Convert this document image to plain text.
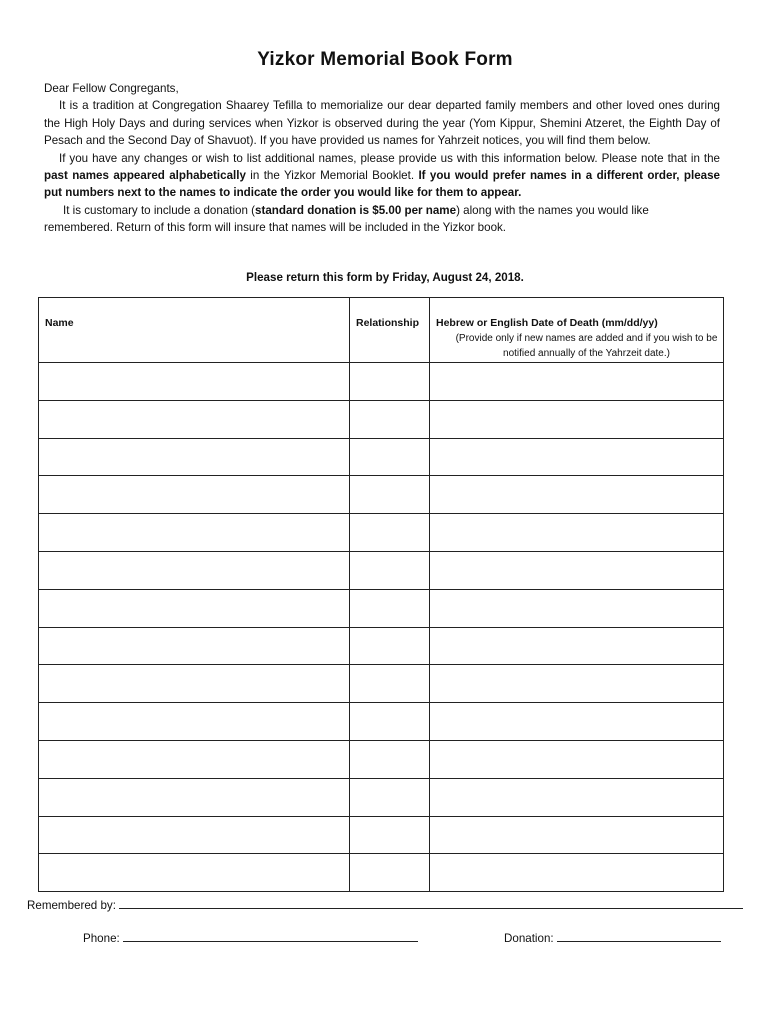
Yizkor Memorial Book Form

Dear Fellow Congregants,

It is a tradition at Congregation Shaarey Tefilla to memorialize our dear departed family members and other loved ones during the High Holy Days and during services when Yizkor is observed during the year (Yom Kippur, Shemini Atzeret, the Eighth Day of Pesach and the Second Day of Shavuot). If you have provided us names for Yahrzeit notices, you will find them below.

If you have any changes or wish to list additional names, please provide us with this information below. Please note that in the past names appeared alphabetically in the Yizkor Memorial Booklet. If you would prefer names in a different order, please put numbers next to the names to indicate the order you would like for them to appear.

It is customary to include a donation (standard donation is $5.00 per name) along with the names you would like remembered. Return of this form will insure that names will be included in the Yizkor book.

Please return this form by Friday, August 24, 2018.
Name	Relationship	Hebrew or English Date of Death (mm/dd/yy)
(Provide only if new names are added and if you wish to be notified annually of the Yahrzeit date.)

Remembered by:
Phone:	Donation:
